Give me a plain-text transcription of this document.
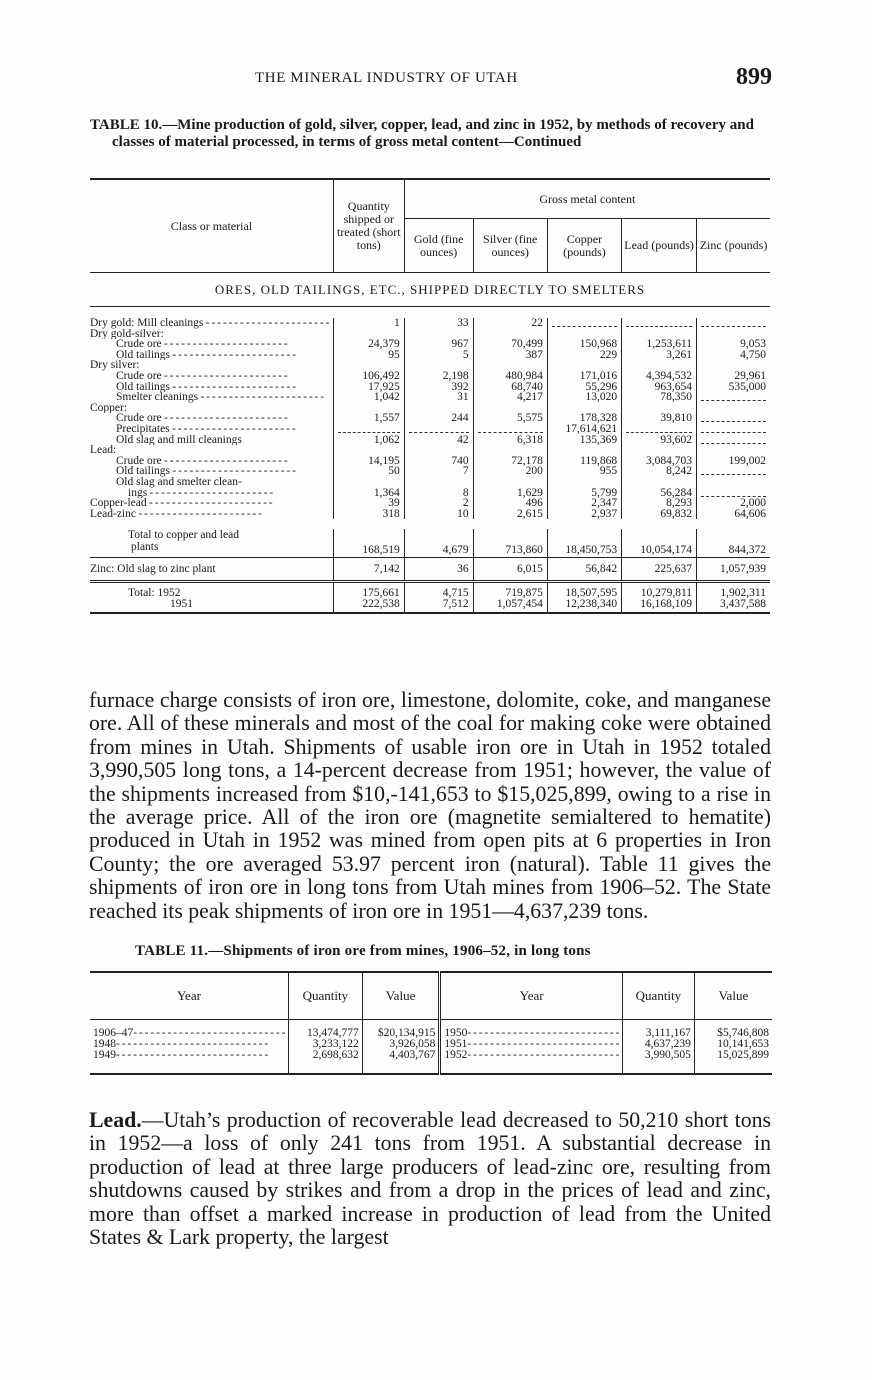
THE MINERAL INDUSTRY OF UTAH	899
TABLE 10.—Mine production of gold, silver, copper, lead, and zinc in 1952, by methods of recovery and classes of material processed, in terms of gross metal content—Continued
Class or material	Quantity shipped or treated (short tons)	Gross metal content				
		Gold (fine ounces)	Silver (fine ounces)	Copper (pounds)	Lead (pounds)	Zinc (pounds)
ORES, OLD TAILINGS, ETC., SHIPPED DIRECTLY TO SMELTERS						

Dry gold: Mill cleanings - - - - - - - - - - - - - - - - - - - - - -	1	33	22	

Dry gold-silver:						
Crude ore - - - - - - - - - - - - - - - - - - - - - -	24,379	967	70,499	150,968	1,253,611	9,053
Old tailings - - - - - - - - - - - - - - - - - - - - - -	95	5	387	229	3,261	4,750
Dry silver:						
Crude ore - - - - - - - - - - - - - - - - - - - - - -	106,492	2,198	480,984	171,016	4,394,532	29,961
Old tailings - - - - - - - - - - - - - - - - - - - - - -	17,925	392	68,740	55,296	963,654	535,000
Smelter cleanings - - - - - - - - - - - - - - - - - - - - - -	1,042	31	4,217	13,020	78,350	

Copper:						
Crude ore - - - - - - - - - - - - - - - - - - - - - -	1,557	244	5,575	178,328	39,810	

Precipitates - - - - - - - - - - - - - - - - - - - - - -				17,614,621	

Old slag and mill cleanings	1,062	42	6,318	135,369	93,602	

Lead:						
Crude ore - - - - - - - - - - - - - - - - - - - - - -	14,195	740	72,178	119,868	3,084,703	199,002
Old tailings - - - - - - - - - - - - - - - - - - - - - -	50	7	200	955	8,242	

Old slag and smelter clean-						
ings - - - - - - - - - - - - - - - - - - - - - -	1,364	8	1,629	5,799	56,284	

Copper-lead - - - - - - - - - - - - - - - - - - - - - -	39	2	496	2,347	8,293	2,000
Lead-zinc - - - - - - - - - - - - - - - - - - - - - -	318	10	2,615	2,937	69,832	64,606

Total to copper and lead
plants	168,519	4,679	713,860	18,450,753	10,054,174	844,372
Zinc: Old slag to zinc plant	7,142	36	6,015	56,842	225,637	1,057,939
Total: 1952	175,661	4,715	719,875	18,507,595	10,279,811	1,902,311
1951	222,538	7,512	1,057,454	12,238,340	16,168,109	3,437,588
furnace charge consists of iron ore, limestone, dolomite, coke, and manganese ore. All of these minerals and most of the coal for making coke were obtained from mines in Utah. Shipments of usable iron ore in Utah in 1952 totaled 3,990,505 long tons, a 14-percent decrease from 1951; however, the value of the shipments increased from $10,-141,653 to $15,025,899, owing to a rise in the average price. All of the iron ore (magnetite semialtered to hematite) produced in Utah in 1952 was mined from open pits at 6 properties in Iron County; the ore averaged 53.97 percent iron (natural). Table 11 gives the shipments of iron ore in long tons from Utah mines from 1906–52. The State reached its peak shipments of iron ore in 1951—4,637,239 tons.
TABLE 11.—Shipments of iron ore from mines, 1906–52, in long tons
Year	Quantity	Value	Year	Quantity	Value

1906–47- - - - - - - - - - - - - - - - - - - - - - - - - - -	13,474,777	$20,134,915	1950- - - - - - - - - - - - - - - - - - - - - - - - - - -	3,111,167	$5,746,808
1948- - - - - - - - - - - - - - - - - - - - - - - - - - -	3,233,122	3,926,058	1951- - - - - - - - - - - - - - - - - - - - - - - - - - -	4,637,239	10,141,653
1949- - - - - - - - - - - - - - - - - - - - - - - - - - -	2,698,632	4,403,767	1952- - - - - - - - - - - - - - - - - - - - - - - - - - -	3,990,505	15,025,899
Lead.—Utah’s production of recoverable lead decreased to 50,210 short tons in 1952—a loss of only 241 tons from 1951. A substantial decrease in production of lead at three large producers of lead-zinc ore, resulting from shutdowns caused by strikes and from a drop in the prices of lead and zinc, more than offset a marked increase in production of lead from the United States & Lark property, the largest
